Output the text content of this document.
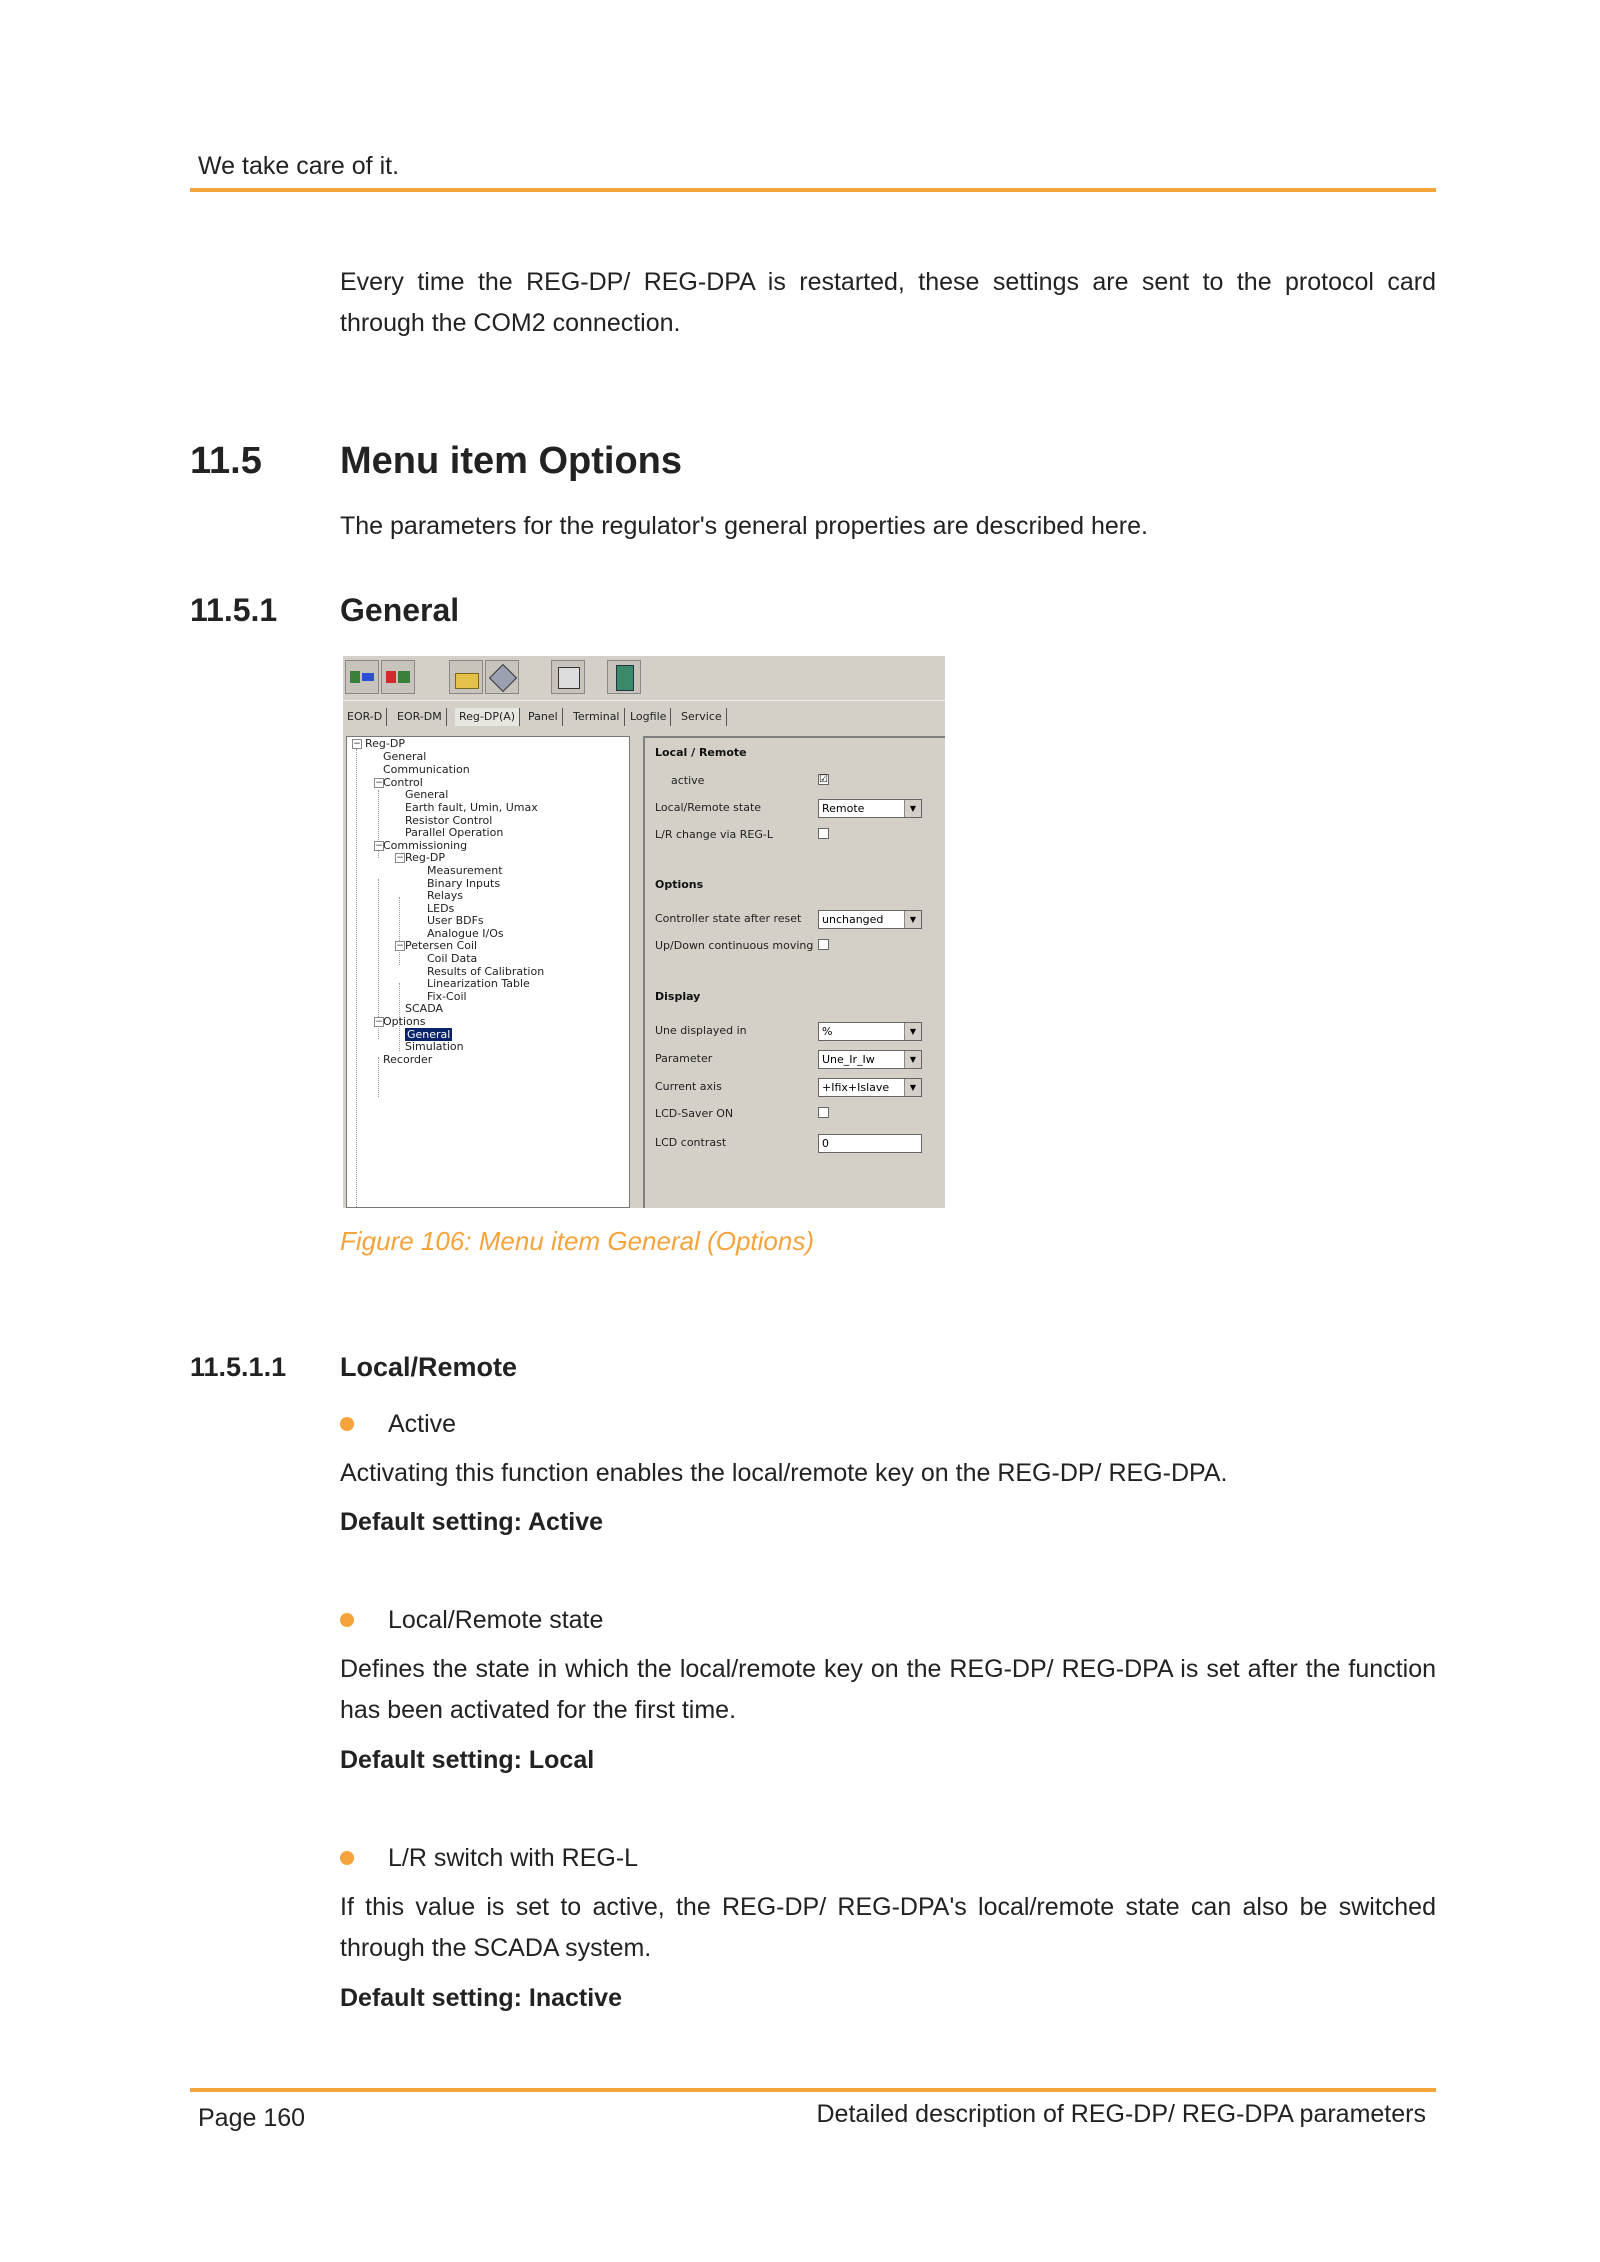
We take care of it.
Every time the REG-DP/ REG-DPA is restarted, these settings are sent to the protocol card through the COM2 connection.
11.5 Menu item Options
The parameters for the regulator's general properties are described here.
11.5.1 General
EOR-D	EOR-DM	Reg-DP(A)	Panel	Terminal Logfile	Service
− Reg-DP
General
Communication
− Control
General
Earth fault, Umin, Umax
Resistor Control
Parallel Operation
− Commissioning
− Reg-DP
Measurement
Binary Inputs
Relays
LEDs
User BDFs
Analogue I/Os
− Petersen Coil
Coil Data
Results of Calibration
Linearization Table
Fix-Coil
SCADA
− Options
General
Simulation
Recorder
Local / Remote
active	☑
Local/Remote state	Remote	▼
L/R change via REG-L
Options
Controller state after reset	unchanged	▼
Up/Down continuous moving
Display
Une displayed in	%	▼
Parameter	Une_Ir_Iw	▼
Current axis	+Ifix+Islave	▼
LCD-Saver ON
LCD contrast	0
Figure 106: Menu item General (Options)
11.5.1.1 Local/Remote
Active
Activating this function enables the local/remote key on the REG-DP/ REG-DPA.
Default setting: Active
Local/Remote state
Defines the state in which the local/remote key on the REG-DP/ REG-DPA is set after the function has been activated for the first time.
Default setting: Local
L/R switch with REG-L
If this value is set to active, the REG-DP/ REG-DPA's local/remote state can also be switched through the SCADA system.
Default setting: Inactive
Page 160	Detailed description of REG-DP/ REG-DPA parameters
